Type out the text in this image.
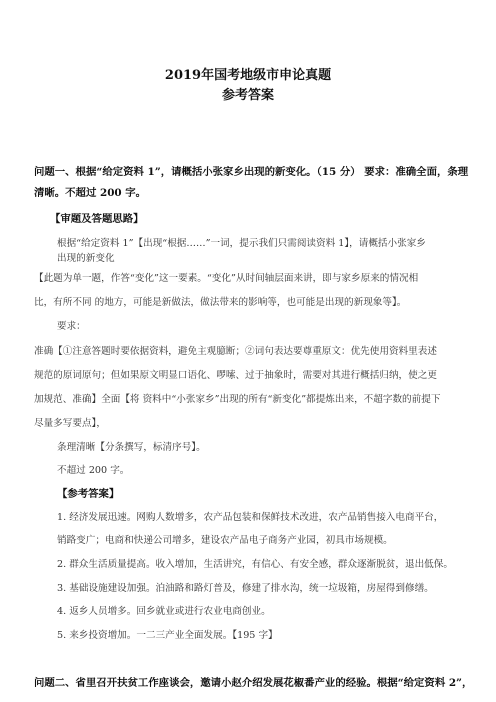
2019年国考地级市申论真题
参考答案
问题一、根据“给定资料 1”，请概括小张家乡出现的新变化。（15 分） 要求：准确全面，条理
清晰。不超过 200 字。
【审题及答题思路】
根据“给定资料 1”【出现“根据……”一词，提示我们只需阅读资料 1】，请概括小张家乡
出现的新变化
【此题为单一题，作答“变化”这一要素。“变化”从时间轴层面来讲，即与家乡原来的情况相
比，有所不同 的地方，可能是新做法，做法带来的影响等，也可能是出现的新现象等】。
要求：
准确【①注意答题时要依据资料，避免主观臆断；②词句表达要尊重原文：优先使用资料里表述
规范的原词原句；但如果原文明显口语化、啰嗦、过于抽象时，需要对其进行概括归纳，使之更
加规范、准确】全面【将 资料中“小张家乡”出现的所有“新变化”都提炼出来，不超字数的前提下
尽量多写要点】，
条理清晰【分条撰写，标清序号】。
不超过 200 字。
【参考答案】
1. 经济发展迅速。网购人数增多，农产品包装和保鲜技术改进，农产品销售接入电商平台，
销路变广；电商和快递公司增多，建设农产品电子商务产业园，初具市场规模。
2. 群众生活质量提高。收入增加，生活讲究，有信心、有安全感，群众逐渐脱贫，退出低保。
3. 基础设施建设加强。泊油路和路灯普及，修建了排水沟，统一垃圾箱，房屋得到修缮。
4. 返乡人员增多。回乡就业或进行农业电商创业。
5. 来乡投资增加。一二三产业全面发展。【195 字】
问题二、省里召开扶贫工作座谈会，邀请小赵介绍发展花椒番产业的经验。根据“给定资料 2”，
